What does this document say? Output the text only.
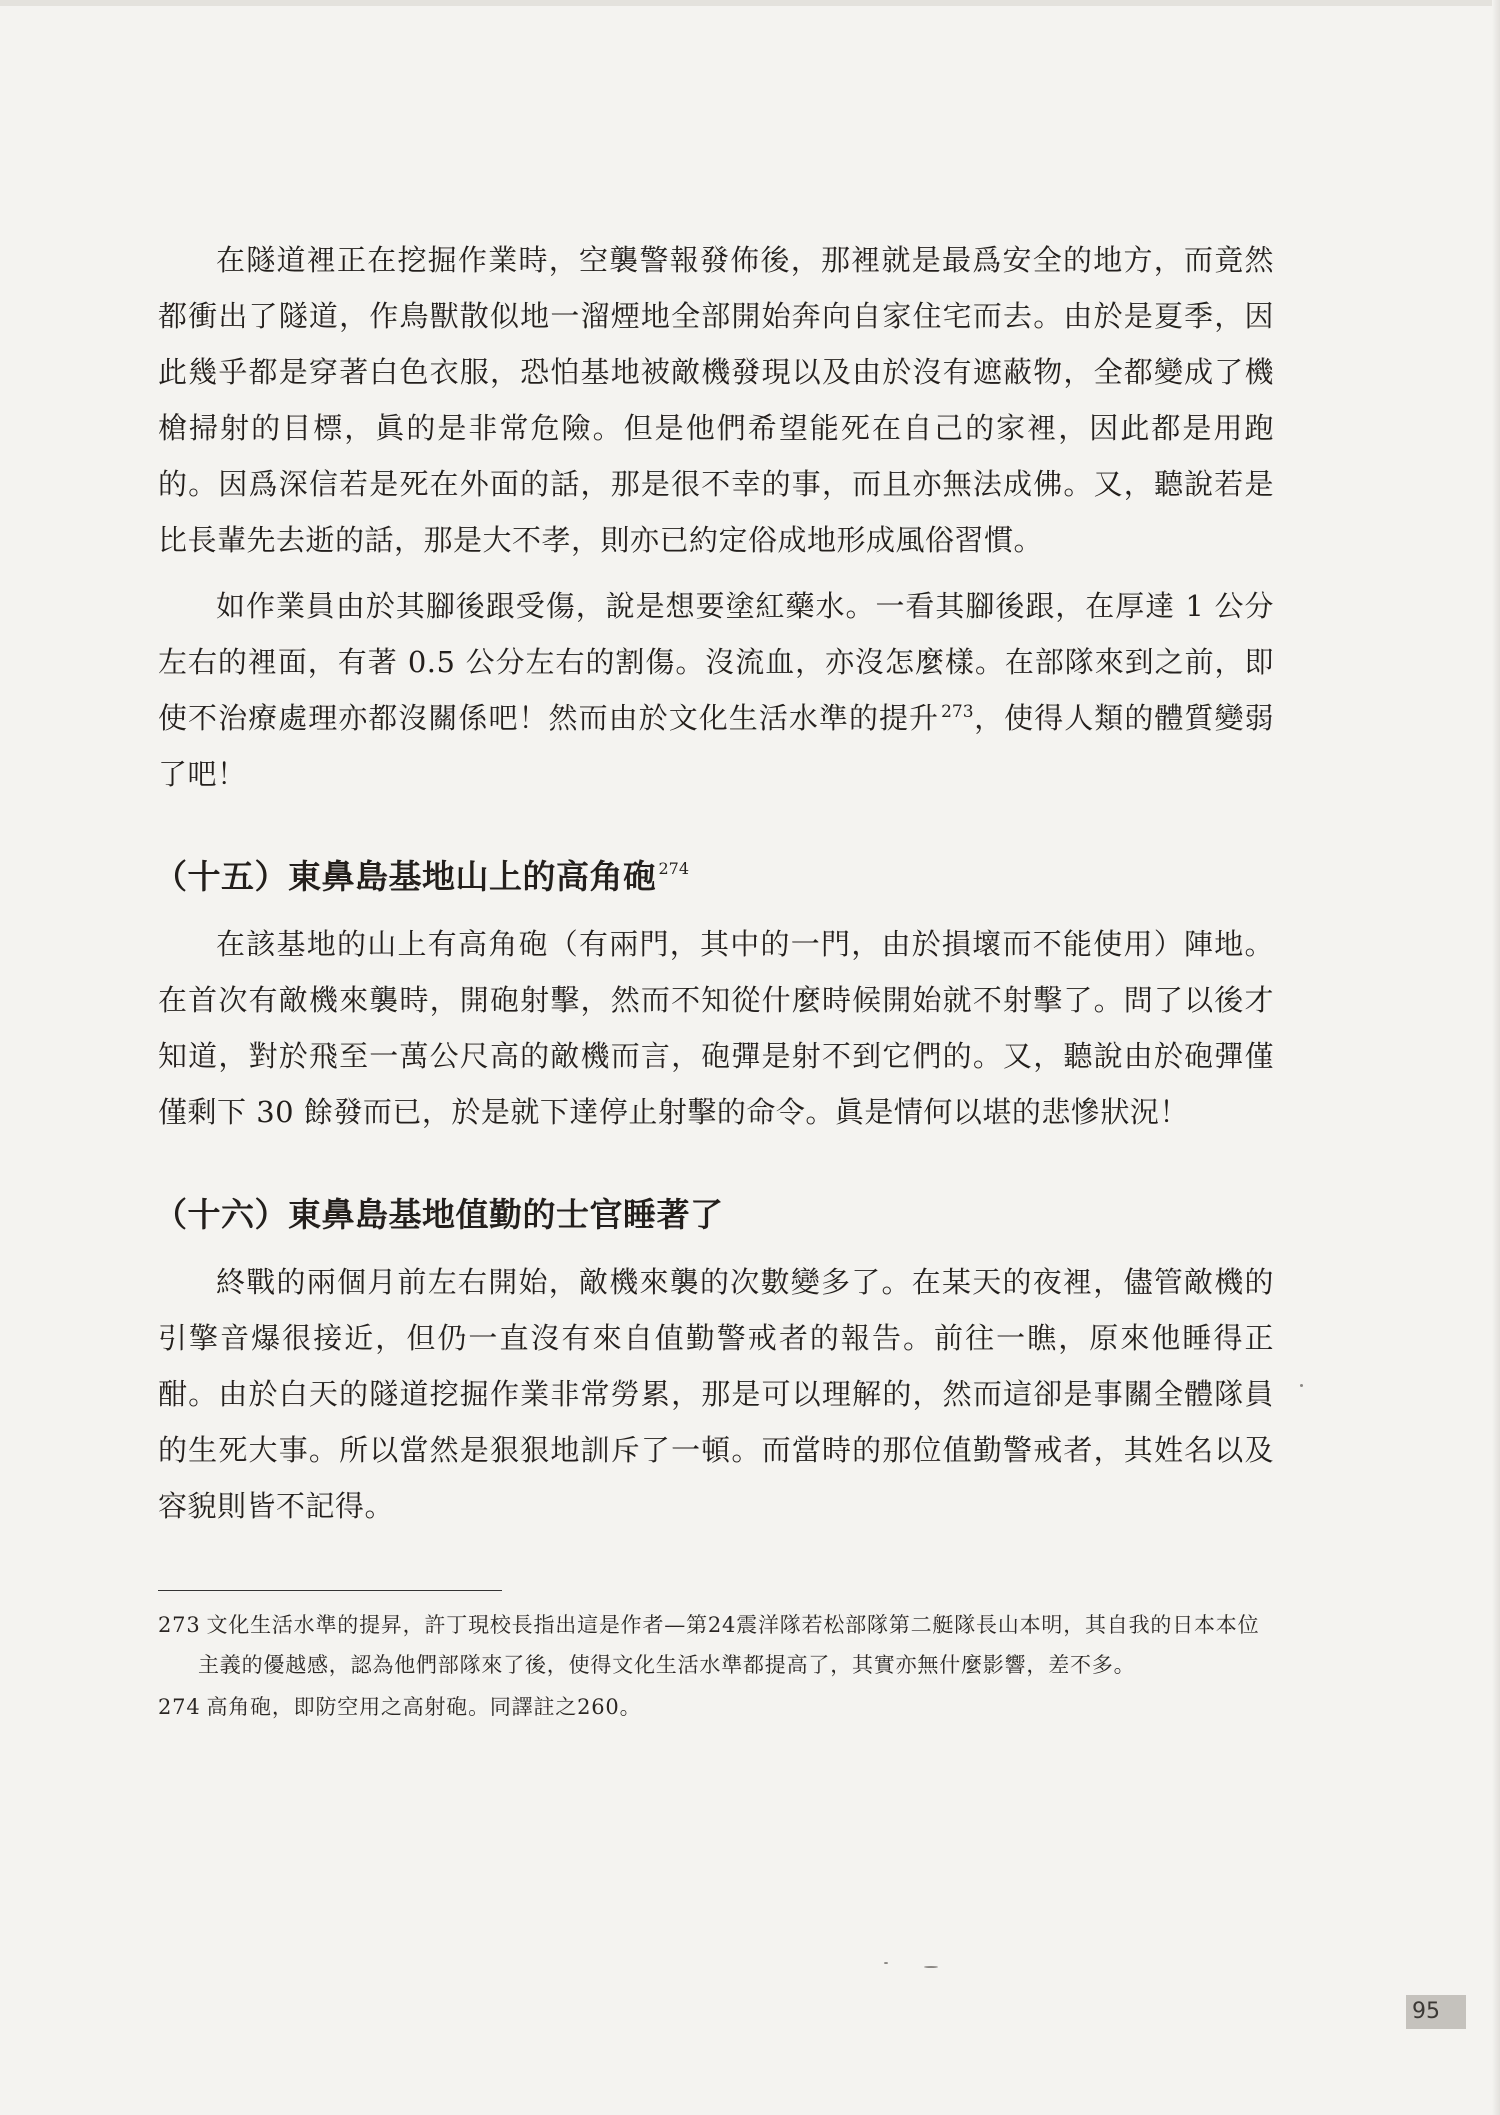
在隧道裡正在挖掘作業時，空襲警報發佈後，那裡就是最爲安全的地方，而竟然都衝出了隧道，作鳥獸散似地一溜煙地全部開始奔向自家住宅而去。由於是夏季，因此幾乎都是穿著白色衣服，恐怕基地被敵機發現以及由於沒有遮蔽物，全都變成了機槍掃射的目標，眞的是非常危險。但是他們希望能死在自己的家裡，因此都是用跑的。因爲深信若是死在外面的話，那是很不幸的事，而且亦無法成佛。又，聽說若是比長輩先去逝的話，那是大不孝，則亦已約定俗成地形成風俗習慣。

如作業員由於其腳後跟受傷，說是想要塗紅藥水。一看其腳後跟，在厚達 1 公分左右的裡面，有著 0.5 公分左右的割傷。沒流血，亦沒怎麼樣。在部隊來到之前，即使不治療處理亦都沒關係吧！然而由於文化生活水準的提升 $^{273}$，使得人類的體質變弱了吧！

（十五）東鼻島基地山上的高角砲 $^{274}$

在該基地的山上有高角砲（有兩門，其中的一門，由於損壞而不能使用）陣地。在首次有敵機來襲時，開砲射擊，然而不知從什麼時候開始就不射擊了。問了以後才知道，對於飛至一萬公尺高的敵機而言，砲彈是射不到它們的。又，聽說由於砲彈僅僅剩下 30 餘發而已，於是就下達停止射擊的命令。眞是情何以堪的悲慘狀況！

（十六）東鼻島基地值勤的士官睡著了

終戰的兩個月前左右開始，敵機來襲的次數變多了。在某天的夜裡，儘管敵機的引擎音爆很接近，但仍一直沒有來自值勤警戒者的報告。前往一瞧，原來他睡得正酣。由於白天的隧道挖掘作業非常勞累，那是可以理解的，然而這卻是事關全體隊員的生死大事。所以當然是狠狠地訓斥了一頓。而當時的那位值勤警戒者，其姓名以及容貌則皆不記得。

273 文化生活水準的提昇，許丁現校長指出這是作者—第24震洋隊若松部隊第二艇隊長山本明，其自我的日本本位主義的優越感，認為他們部隊來了後，使得文化生活水準都提高了，其實亦無什麼影響，差不多。

274 高角砲，即防空用之高射砲。同譯註之260。

95
